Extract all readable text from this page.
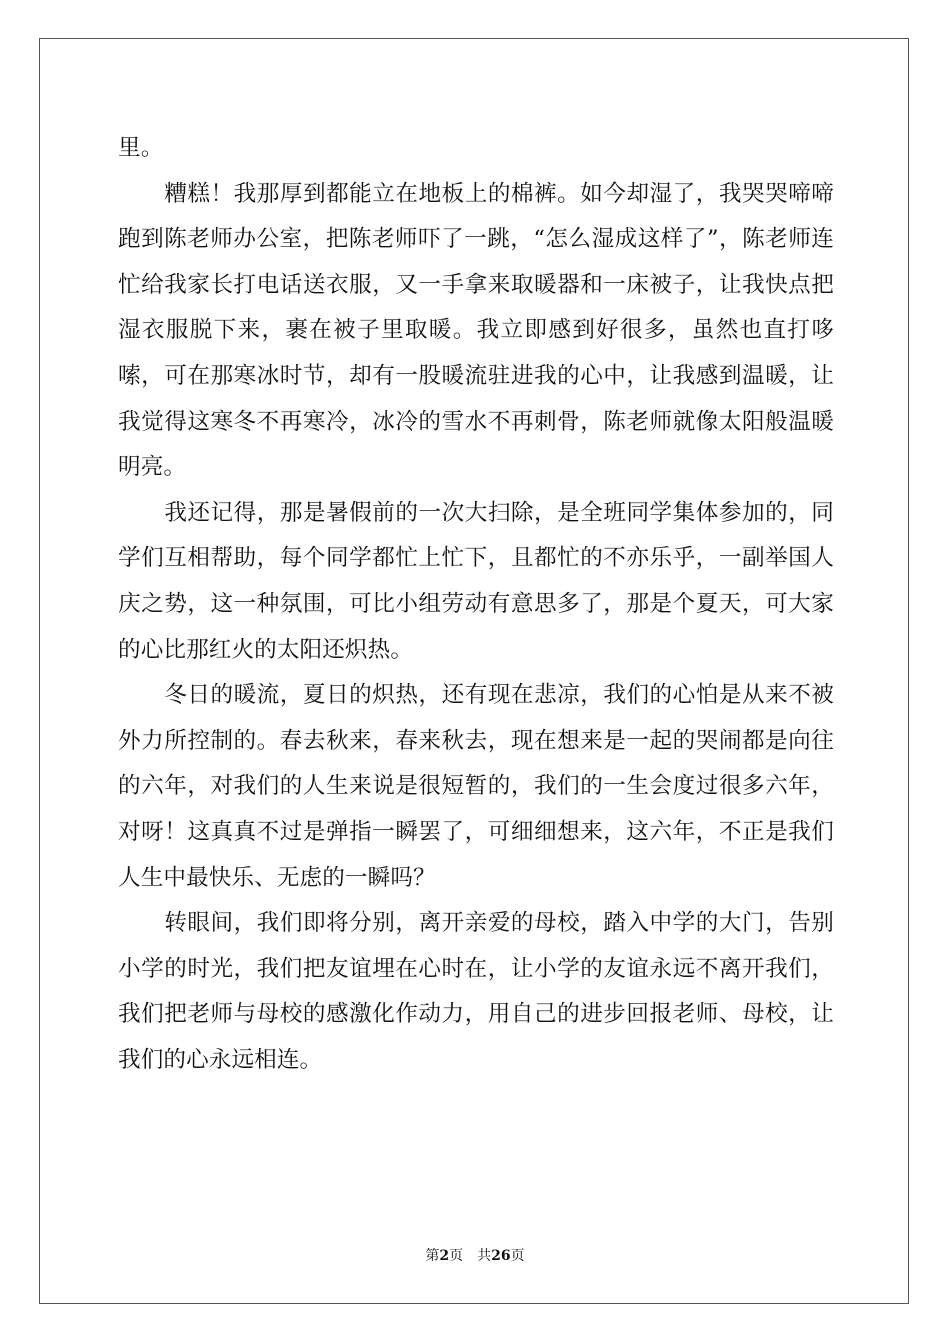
里。

糟糕！我那厚到都能立在地板上的棉裤。如今却湿了，我哭哭啼啼跑到陈老师办公室，把陈老师吓了一跳，“怎么湿成这样了”，陈老师连忙给我家长打电话送衣服，又一手拿来取暖器和一床被子，让我快点把湿衣服脱下来，裹在被子里取暖。我立即感到好很多，虽然也直打哆嗦，可在那寒冰时节，却有一股暖流驻进我的心中，让我感到温暖，让我觉得这寒冬不再寒冷，冰冷的雪水不再刺骨，陈老师就像太阳般温暖明亮。

我还记得，那是暑假前的一次大扫除，是全班同学集体参加的，同学们互相帮助，每个同学都忙上忙下，且都忙的不亦乐乎，一副举国人庆之势，这一种氛围，可比小组劳动有意思多了，那是个夏天，可大家的心比那红火的太阳还炽热。

冬日的暖流，夏日的炽热，还有现在悲凉，我们的心怕是从来不被外力所控制的。春去秋来，春来秋去，现在想来是一起的哭闹都是向往的六年，对我们的人生来说是很短暂的，我们的一生会度过很多六年，对呀！这真真不过是弹指一瞬罢了，可细细想来，这六年，不正是我们人生中最快乐、无虑的一瞬吗？

转眼间，我们即将分别，离开亲爱的母校，踏入中学的大门，告别小学的时光，我们把友谊埋在心时在，让小学的友谊永远不离开我们，我们把老师与母校的感激化作动力，用自己的进步回报老师、母校，让我们的心永远相连。

第2页 共26页
